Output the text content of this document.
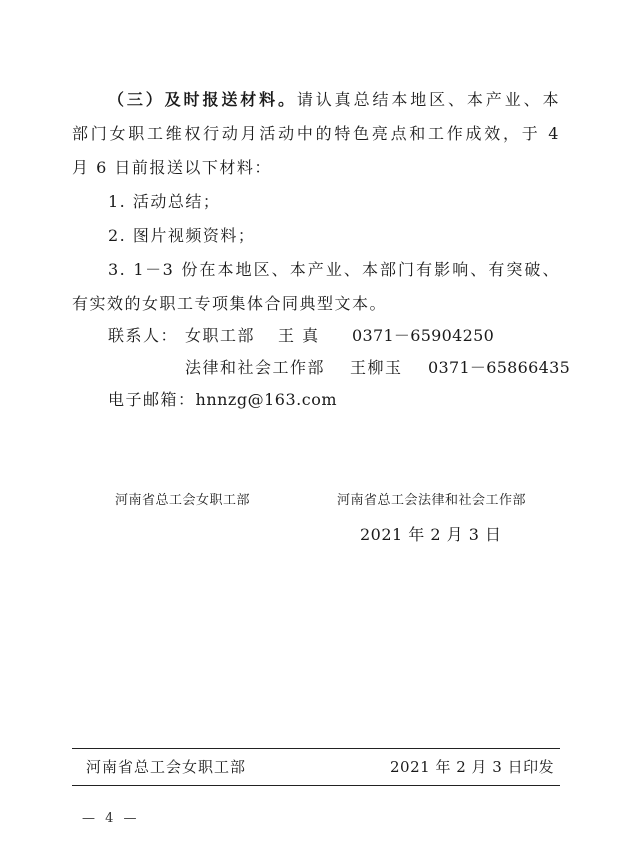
（三）及时报送材料。请认真总结本地区、本产业、本
部门女职工维权行动月活动中的特色亮点和工作成效，于 4
月 6 日前报送以下材料：
1. 活动总结；
2. 图片视频资料；
3. 1－3 份在本地区、本产业、本部门有影响、有突破、
有实效的女职工专项集体合同典型文本。
联系人： 女职工部 王 真 0371－65904250
法律和社会工作部 王柳玉 0371－65866435
电子邮箱：hnnzg@163.com
河南省总工会女职工部	河南省总工会法律和社会工作部
2021 年 2 月 3 日
河南省总工会女职工部	2021 年 2 月 3 日印发
— 4 —
